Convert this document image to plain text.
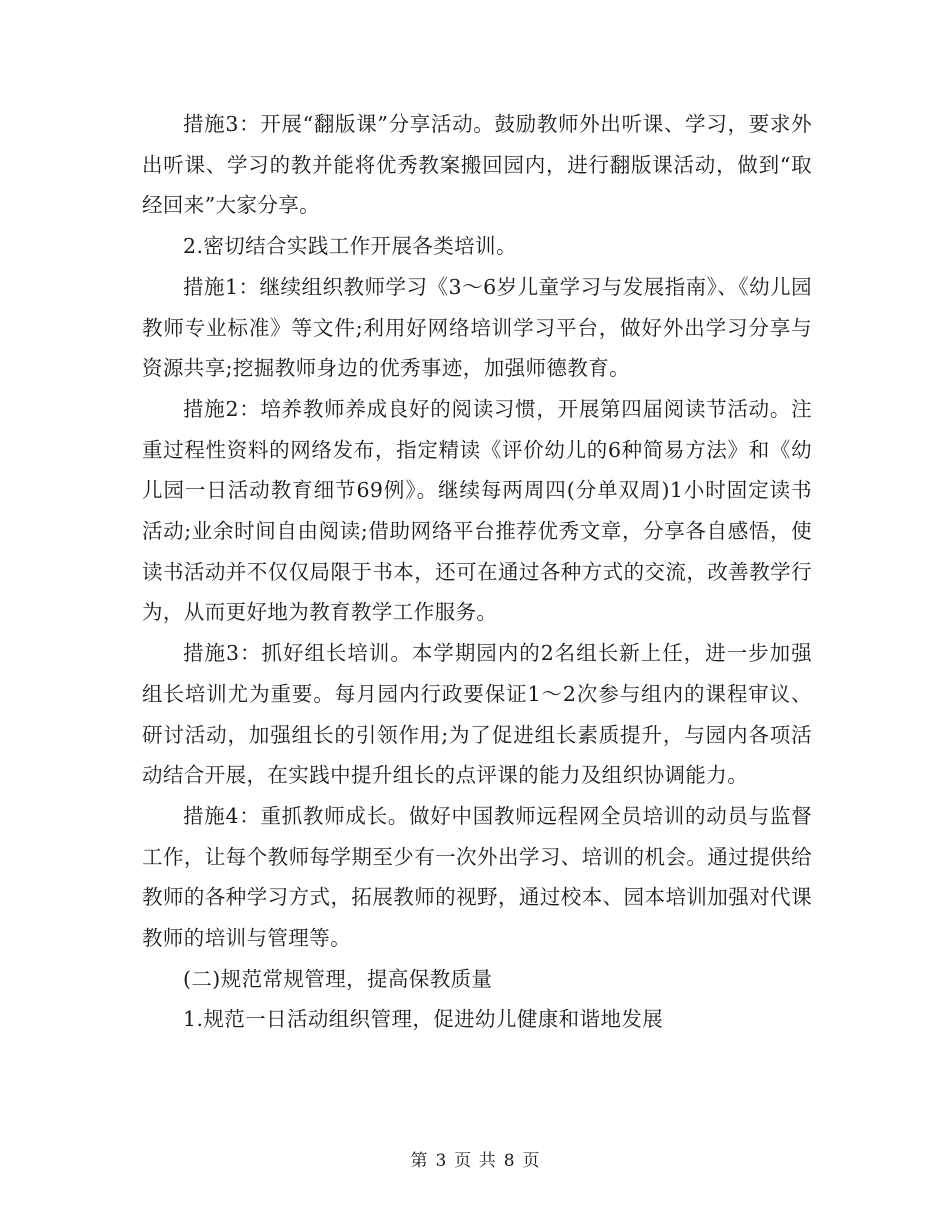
措施3：开展“翻版课”分享活动。鼓励教师外出听课、学习，要求外出听课、学习的教并能将优秀教案搬回园内，进行翻版课活动，做到“取经回来”大家分享。

2.密切结合实践工作开展各类培训。

措施1：继续组织教师学习《3～6岁儿童学习与发展指南》、《幼儿园教师专业标准》等文件;利用好网络培训学习平台，做好外出学习分享与资源共享;挖掘教师身边的优秀事迹，加强师德教育。

措施2：培养教师养成良好的阅读习惯，开展第四届阅读节活动。注重过程性资料的网络发布，指定精读《评价幼儿的6种简易方法》和《幼儿园一日活动教育细节69例》。继续每两周四(分单双周)1小时固定读书活动;业余时间自由阅读;借助网络平台推荐优秀文章，分享各自感悟，使读书活动并不仅仅局限于书本，还可在通过各种方式的交流，改善教学行为，从而更好地为教育教学工作服务。

措施3：抓好组长培训。本学期园内的2名组长新上任，进一步加强组长培训尤为重要。每月园内行政要保证1～2次参与组内的课程审议、研讨活动，加强组长的引领作用;为了促进组长素质提升，与园内各项活动结合开展，在实践中提升组长的点评课的能力及组织协调能力。

措施4：重抓教师成长。做好中国教师远程网全员培训的动员与监督工作，让每个教师每学期至少有一次外出学习、培训的机会。通过提供给教师的各种学习方式，拓展教师的视野，通过校本、园本培训加强对代课教师的培训与管理等。

(二)规范常规管理，提高保教质量

1.规范一日活动组织管理，促进幼儿健康和谐地发展

第 3 页 共 8 页
